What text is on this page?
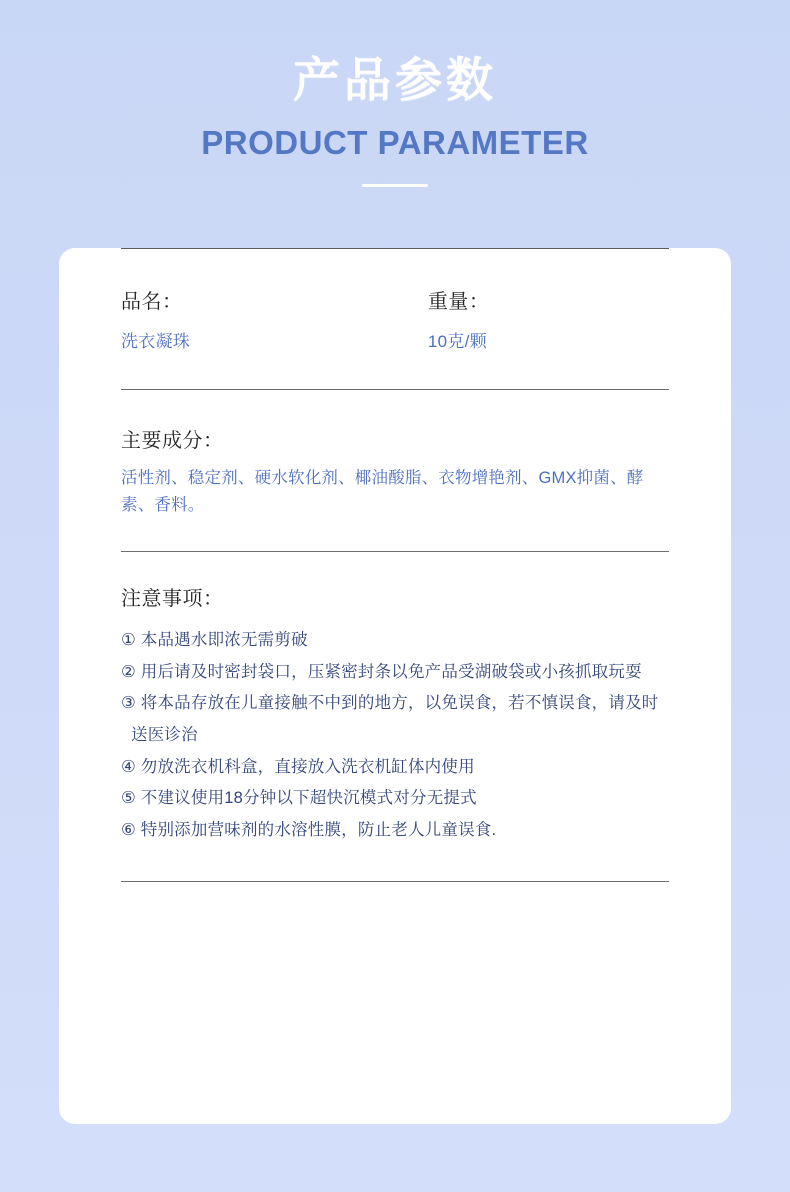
产品参数
PRODUCT PARAMETER
品名：
洗衣凝珠
重量：
10克/颗
主要成分：
活性剂、稳定剂、硬水软化剂、椰油酸脂、衣物增艳剂、GMX抑菌、酵素、香料。
注意事项：
① 本品遇水即浓无需剪破
② 用后请及时密封袋口，压紧密封条以免产品受湖破袋或小孩抓取玩耍
③ 将本品存放在儿童接触不中到的地方，以免误食，若不慎误食，请及时送医诊治
④ 勿放洗衣机科盒，直接放入洗衣机缸体内使用
⑤ 不建议使用18分钟以下超快沉模式对分无提式
⑥ 特别添加营味剂的水溶性膜，防止老人儿童误食.
